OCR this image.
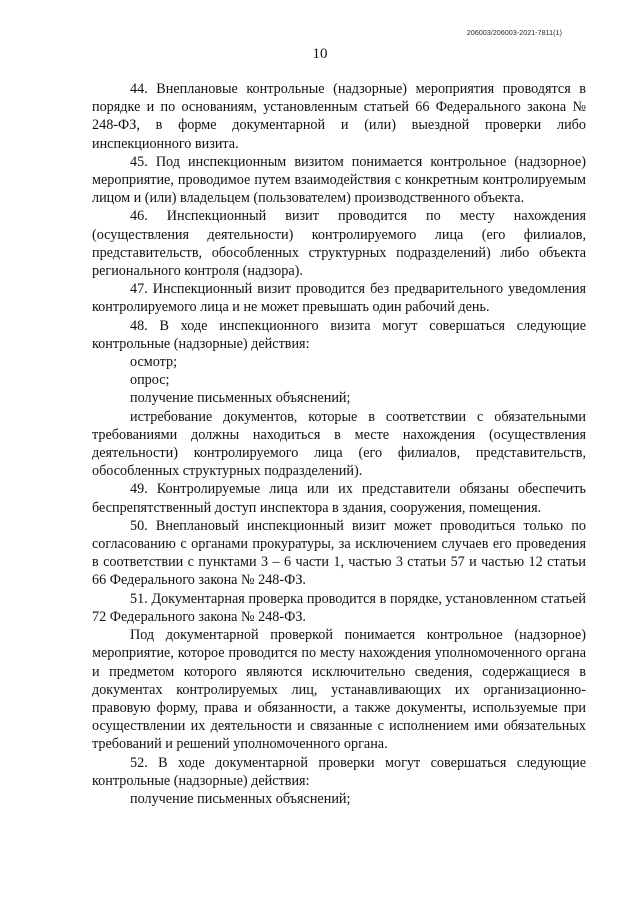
206003/206003-2021-7811(1)
10

44. Внеплановые контрольные (надзорные) мероприятия проводятся в порядке и по основаниям, установленным статьей 66 Федерального закона № 248-ФЗ, в форме документарной и (или) выездной проверки либо инспекционного визита.

45. Под инспекционным визитом понимается контрольное (надзорное) мероприятие, проводимое путем взаимодействия с конкретным контролируемым лицом и (или) владельцем (пользователем) производственного объекта.

46. Инспекционный визит проводится по месту нахождения (осуществления деятельности) контролируемого лица (его филиалов, представительств, обособленных структурных подразделений) либо объекта регионального контроля (надзора).

47. Инспекционный визит проводится без предварительного уведомления контролируемого лица и не может превышать один рабочий день.

48. В ходе инспекционного визита могут совершаться следующие контрольные (надзорные) действия:

осмотр;

опрос;

получение письменных объяснений;

истребование документов, которые в соответствии с обязательными требованиями должны находиться в месте нахождения (осуществления деятельности) контролируемого лица (его филиалов, представительств, обособленных структурных подразделений).

49. Контролируемые лица или их представители обязаны обеспечить беспрепятственный доступ инспектора в здания, сооружения, помещения.

50. Внеплановый инспекционный визит может проводиться только по согласованию с органами прокуратуры, за исключением случаев его проведения в соответствии с пунктами 3 – 6 части 1, частью 3 статьи 57 и частью 12 статьи 66 Федерального закона № 248-ФЗ.

51. Документарная проверка проводится в порядке, установленном статьей 72 Федерального закона № 248-ФЗ.

Под документарной проверкой понимается контрольное (надзорное) мероприятие, которое проводится по месту нахождения уполномоченного органа и предметом которого являются исключительно сведения, содержащиеся в документах контролируемых лиц, устанавливающих их организационно-правовую форму, права и обязанности, а также документы, используемые при осуществлении их деятельности и связанные с исполнением ими обязательных требований и решений уполномоченного органа.

52. В ходе документарной проверки могут совершаться следующие контрольные (надзорные) действия:

получение письменных объяснений;
